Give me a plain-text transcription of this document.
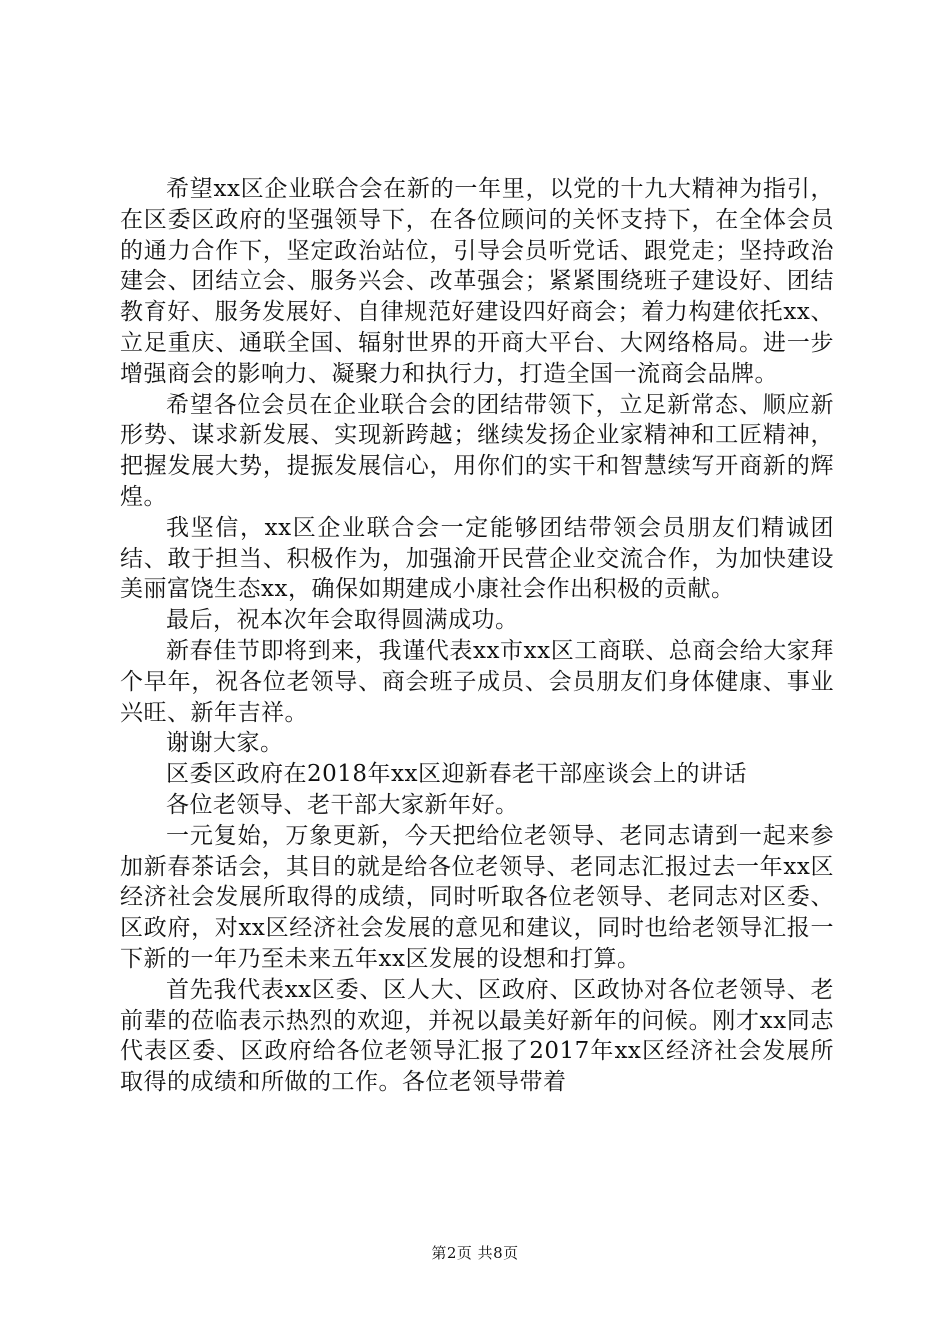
希望xx区企业联合会在新的一年里，以党的十九大精神为指引，在区委区政府的坚强领导下，在各位顾问的关怀支持下，在全体会员的通力合作下，坚定政治站位，引导会员听党话、跟党走；坚持政治建会、团结立会、服务兴会、改革强会；紧紧围绕班子建设好、团结教育好、服务发展好、自律规范好建设四好商会；着力构建依托xx、立足重庆、通联全国、辐射世界的开商大平台、大网络格局。进一步增强商会的影响力、凝聚力和执行力，打造全国一流商会品牌。

希望各位会员在企业联合会的团结带领下，立足新常态、顺应新形势、谋求新发展、实现新跨越；继续发扬企业家精神和工匠精神，把握发展大势，提振发展信心，用你们的实干和智慧续写开商新的辉煌。

我坚信，xx区企业联合会一定能够团结带领会员朋友们精诚团结、敢于担当、积极作为，加强渝开民营企业交流合作，为加快建设美丽富饶生态xx，确保如期建成小康社会作出积极的贡献。

最后，祝本次年会取得圆满成功。

新春佳节即将到来，我谨代表xx市xx区工商联、总商会给大家拜个早年，祝各位老领导、商会班子成员、会员朋友们身体健康、事业兴旺、新年吉祥。

谢谢大家。

区委区政府在2018年xx区迎新春老干部座谈会上的讲话

各位老领导、老干部大家新年好。

一元复始，万象更新，今天把给位老领导、老同志请到一起来参加新春茶话会，其目的就是给各位老领导、老同志汇报过去一年xx区经济社会发展所取得的成绩，同时听取各位老领导、老同志对区委、区政府，对xx区经济社会发展的意见和建议，同时也给老领导汇报一下新的一年乃至未来五年xx区发展的设想和打算。

首先我代表xx区委、区人大、区政府、区政协对各位老领导、老前辈的莅临表示热烈的欢迎，并祝以最美好新年的问候。刚才xx同志代表区委、区政府给各位老领导汇报了2017年xx区经济社会发展所取得的成绩和所做的工作。各位老领导带着

第2页 共8页
